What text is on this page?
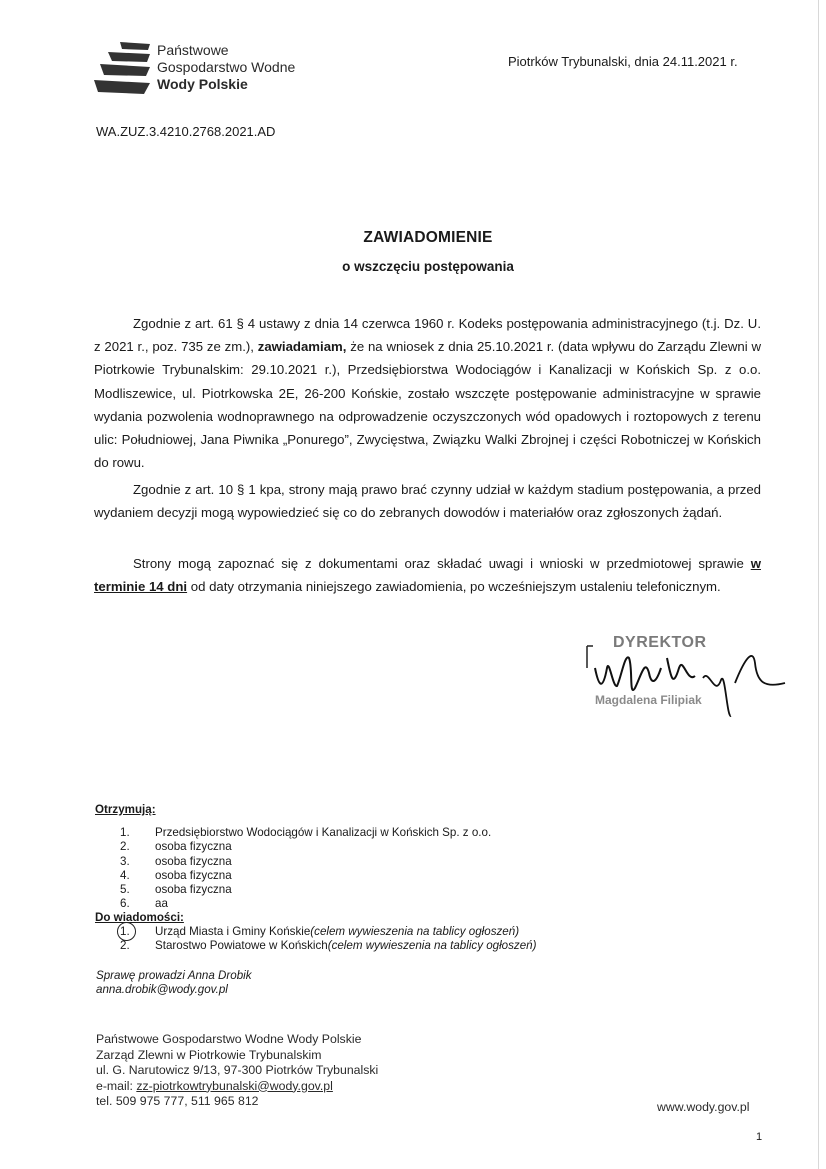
Państwowe
Gospodarstwo Wodne
Wody Polskie
Piotrków Trybunalski, dnia 24.11.2021 r.
WA.ZUZ.3.4210.2768.2021.AD
ZAWIADOMIENIE
o wszczęciu postępowania

Zgodnie z art. 61 § 4 ustawy z dnia 14 czerwca 1960 r. Kodeks postępowania administracyjnego (t.j. Dz. U. z 2021 r., poz. 735 ze zm.), zawiadamiam, że na wniosek z dnia 25.10.2021 r. (data wpływu do Zarządu Zlewni w Piotrkowie Trybunalskim: 29.10.2021 r.), Przedsiębiorstwa Wodociągów i Kanalizacji w Końskich Sp. z o.o. Modliszewice, ul. Piotrkowska 2E, 26-200 Końskie, zostało wszczęte postępowanie administracyjne w sprawie wydania pozwolenia wodnoprawnego na odprowadzenie oczyszczonych wód opadowych i roztopowych z terenu ulic: Południowej, Jana Piwnika „Ponurego”, Zwycięstwa, Związku Walki Zbrojnej i części Robotniczej w Końskich do rowu.

Zgodnie z art. 10 § 1 kpa, strony mają prawo brać czynny udział w każdym stadium postępowania, a przed wydaniem decyzji mogą wypowiedzieć się co do zebranych dowodów i materiałów oraz zgłoszonych żądań.

Strony mogą zapoznać się z dokumentami oraz składać uwagi i wnioski w przedmiotowej sprawie w terminie 14 dni od daty otrzymania niniejszego zawiadomienia, po wcześniejszym ustaleniu telefonicznym.

DYREKTOR
Magdalena Filipiak
Otrzymują:
1.	Przedsiębiorstwo Wodociągów i Kanalizacji w Końskich Sp. z o.o.
2.	osoba fizyczna
3.	osoba fizyczna
4.	osoba fizyczna
5.	osoba fizyczna
6.	aa
Do wiadomości:
1.	Urząd Miasta i Gminy Końskie (celem wywieszenia na tablicy ogłoszeń)
2.	Starostwo Powiatowe w Końskich (celem wywieszenia na tablicy ogłoszeń)
Sprawę prowadzi Anna Drobik
anna.drobik@wody.gov.pl
Państwowe Gospodarstwo Wodne Wody Polskie
Zarząd Zlewni w Piotrkowie Trybunalskim
ul. G. Narutowicz 9/13, 97-300 Piotrków Trybunalski
e-mail: zz-piotrkowtrybunalski@wody.gov.pl
tel. 509 975 777, 511 965 812	www.wody.gov.pl
1
